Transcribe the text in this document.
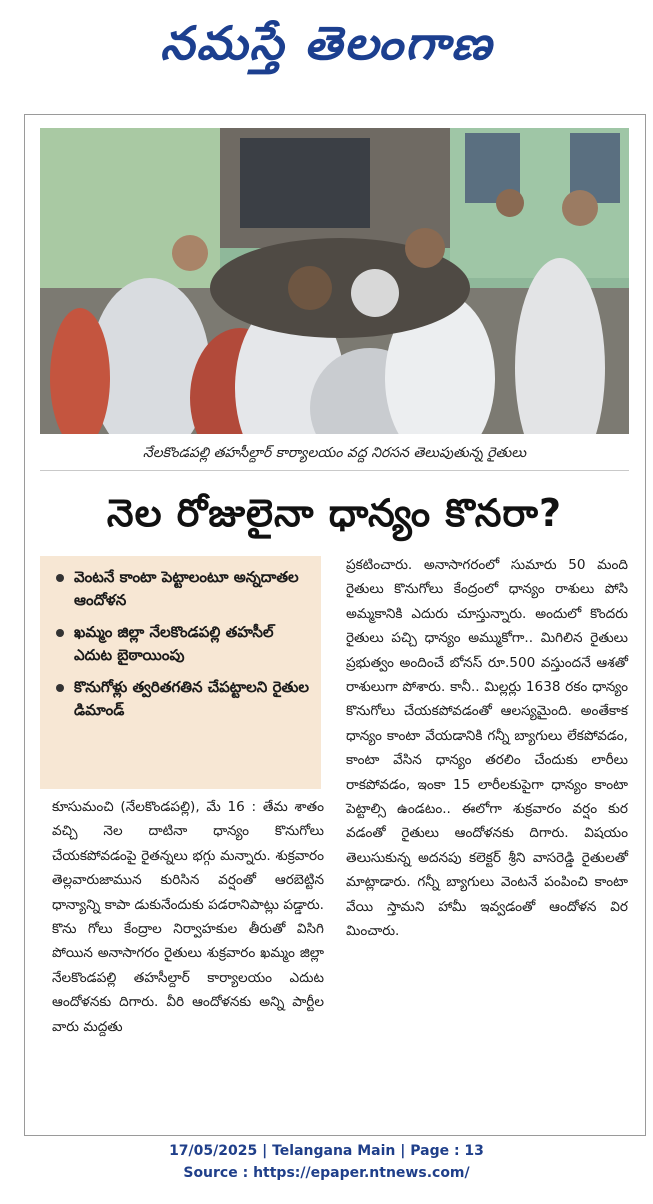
నమస్తే తెలంగాణ
నేలకొండపల్లి తహసీల్దార్ కార్యాలయం వద్ద నిరసన తెలుపుతున్న రైతులు
నెల రోజులైనా ధాన్యం కొనరా?
వెంటనే కాంటా పెట్టాలంటూ అన్నదాతల ఆందోళన
ఖమ్మం జిల్లా నేలకొండపల్లి తహసీల్ ఎదుట బైఠాయింపు
కొనుగోళ్లు త్వరితగతిన చేపట్టాలని రైతుల డిమాండ్
కూసుమంచి (నేలకొండపల్లి), మే 16 : తేమ శాతం వచ్చి నెల దాటినా ధాన్యం కొనుగోలు చేయకపోవడంపై రైతన్నలు భగ్గు మన్నారు. శుక్రవారం తెల్లవారుజామున కురిసిన వర్షంతో ఆరబెట్టిన ధాన్యాన్ని కాపా డుకునేందుకు పడరానిపాట్లు పడ్డారు. కొను గోలు కేంద్రాల నిర్వాహకుల తీరుతో విసిగి పోయిన అనాసాగరం రైతులు శుక్రవారం ఖమ్మం జిల్లా నేలకొండపల్లి తహసీల్దార్ కార్యాలయం ఎదుట ఆందోళనకు దిగారు. వీరి ఆందోళనకు అన్ని పార్టీల వారు మద్దతు
ప్రకటించారు. అనాసాగరంలో సుమారు 50 మంది రైతులు కొనుగోలు కేంద్రంలో ధాన్యం రాశులు పోసి అమ్మకానికి ఎదురు చూస్తున్నారు. అందులో కొందరు రైతులు పచ్చి ధాన్యం అమ్ముకోగా.. మిగిలిన రైతులు ప్రభుత్వం అందించే బోనస్ రూ.500 వస్తుందనే ఆశతో రాశులుగా పోశారు. కానీ.. మిల్లర్లు 1638 రకం ధాన్యం కొనుగోలు చేయకపోవడంతో ఆలస్యమైంది. అంతేకాక ధాన్యం కాంటా వేయడానికి గన్నీ బ్యాగులు లేకపోవడం, కాంటా వేసిన ధాన్యం తరలిం చేందుకు లారీలు రాకపోవడం, ఇంకా 15 లారీలకుపైగా ధాన్యం కాంటా పెట్టాల్సి ఉండటం.. ఈలోగా శుక్రవారం వర్షం కుర వడంతో రైతులు ఆందోళనకు దిగారు. విషయం తెలుసుకున్న అదనపు కలెక్టర్ శ్రీని వాసరెడ్డి రైతులతో మాట్లాడారు. గన్నీ బ్యాగులు వెంటనే పంపించి కాంటా వేయి స్తామని హామీ ఇవ్వడంతో ఆందోళన విర మించారు.
17/05/2025 | Telangana Main | Page : 13
Source : https://epaper.ntnews.com/
